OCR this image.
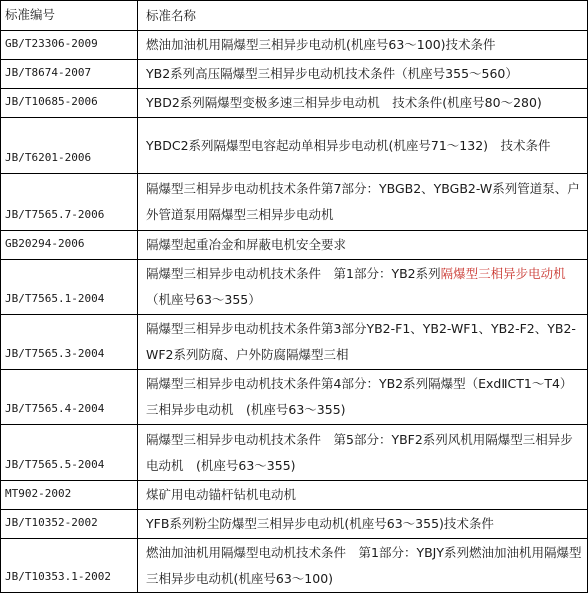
标准编号	标准名称
GB/T23306-2009	燃油加油机用隔爆型三相异步电动机(机座号63～100)技术条件
JB/T8674-2007	YB2系列高压隔爆型三相异步电动机技术条件（机座号355～560）
JB/T10685-2006	YBD2系列隔爆型变极多速三相异步电动机　技术条件(机座号80～280)
JB/T6201-2006	YBDC2系列隔爆型电容起动单相异步电动机(机座号71～132)　技术条件
JB/T7565.7-2006	隔爆型三相异步电动机技术条件第7部分：YBGB2、YBGB2-W系列管道泵、户外管道泵用隔爆型三相异步电动机
GB20294-2006	隔爆型起重冶金和屏蔽电机安全要求
JB/T7565.1-2004	隔爆型三相异步电动机技术条件　第1部分：YB2系列隔爆型三相异步电动机（机座号63～355）
JB/T7565.3-2004	隔爆型三相异步电动机技术条件第3部分YB2-F1、YB2-WF1、YB2-F2、YB2-WF2系列防腐、户外防腐隔爆型三相
JB/T7565.4-2004	隔爆型三相异步电动机技术条件第4部分：YB2系列隔爆型（ExdⅡCT1～T4）三相异步电动机　(机座号63～355)
JB/T7565.5-2004	隔爆型三相异步电动机技术条件　第5部分：YBF2系列风机用隔爆型三相异步电动机　(机座号63～355)
MT902-2002	煤矿用电动锚杆钻机电动机
JB/T10352-2002	YFB系列粉尘防爆型三相异步电动机(机座号63～355)技术条件
JB/T10353.1-2002	燃油加油机用隔爆型电动机技术条件　第1部分：YBJY系列燃油加油机用隔爆型三相异步电动机(机座号63～100)
